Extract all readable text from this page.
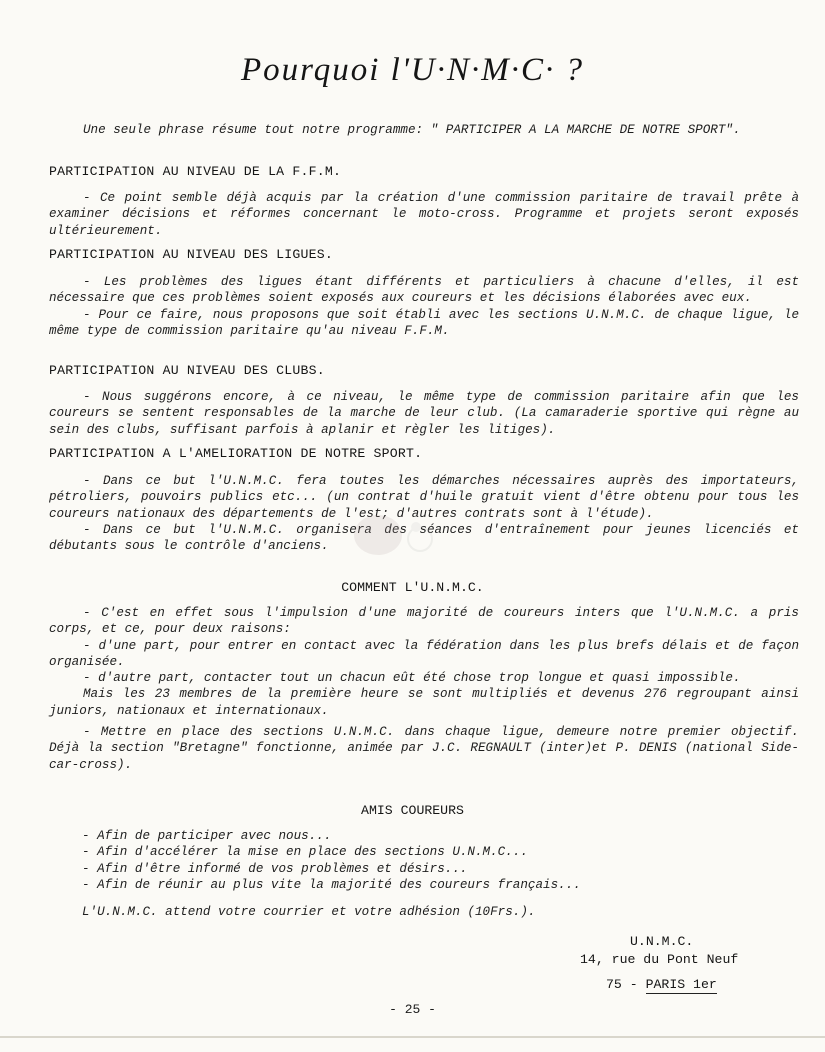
Pourquoi l'U·N·M·C· ?

Une seule phrase résume tout notre programme: " PARTICIPER A LA MARCHE DE NOTRE SPORT".

PARTICIPATION AU NIVEAU DE LA F.F.M.

- Ce point semble déjà acquis par la création d'une commission paritaire de travail prête à examiner décisions et réformes concernant le moto-cross. Programme et projets seront exposés ultérieurement.

PARTICIPATION AU NIVEAU DES LIGUES.

- Les problèmes des ligues étant différents et particuliers à chacune d'elles, il est nécessaire que ces problèmes soient exposés aux coureurs et les décisions élaborées avec eux.

- Pour ce faire, nous proposons que soit établi avec les sections U.N.M.C. de chaque ligue, le même type de commission paritaire qu'au niveau F.F.M.

PARTICIPATION AU NIVEAU DES CLUBS.

- Nous suggérons encore, à ce niveau, le même type de commission paritaire afin que les coureurs se sentent responsables de la marche de leur club. (La camaraderie sportive qui règne au sein des clubs, suffisant parfois à aplanir et règler les litiges).

PARTICIPATION A L'AMELIORATION DE NOTRE SPORT.

- Dans ce but l'U.N.M.C. fera toutes les démarches nécessaires auprès des importateurs, pétroliers, pouvoirs publics etc... (un contrat d'huile gratuit vient d'être obtenu pour tous les coureurs nationaux des départements de l'est; d'autres contrats sont à l'étude).

- Dans ce but l'U.N.M.C. organisera des séances d'entraînement pour jeunes licenciés et débutants sous le contrôle d'anciens.

COMMENT L'U.N.M.C.

- C'est en effet sous l'impulsion d'une majorité de coureurs inters que l'U.N.M.C. a pris corps, et ce, pour deux raisons:

- d'une part, pour entrer en contact avec la fédération dans les plus brefs délais et de façon organisée.

- d'autre part, contacter tout un chacun eût été chose trop longue et quasi impossible.

Mais les 23 membres de la première heure se sont multipliés et devenus 276 regroupant ainsi juniors, nationaux et internationaux.

- Mettre en place des sections U.N.M.C. dans chaque ligue, demeure notre premier objectif. Déjà la section "Bretagne" fonctionne, animée par J.C. REGNAULT (inter)et P. DENIS (national Side-car-cross).

AMIS COUREURS
- Afin de participer avec nous...
- Afin d'accélérer la mise en place des sections U.N.M.C...
- Afin d'être informé de vos problèmes et désirs...
- Afin de réunir au plus vite la majorité des coureurs français...
L'U.N.M.C. attend votre courrier et votre adhésion (10Frs.).
U.N.M.C.
14, rue du Pont Neuf
75 - PARIS 1er
- 25 -
